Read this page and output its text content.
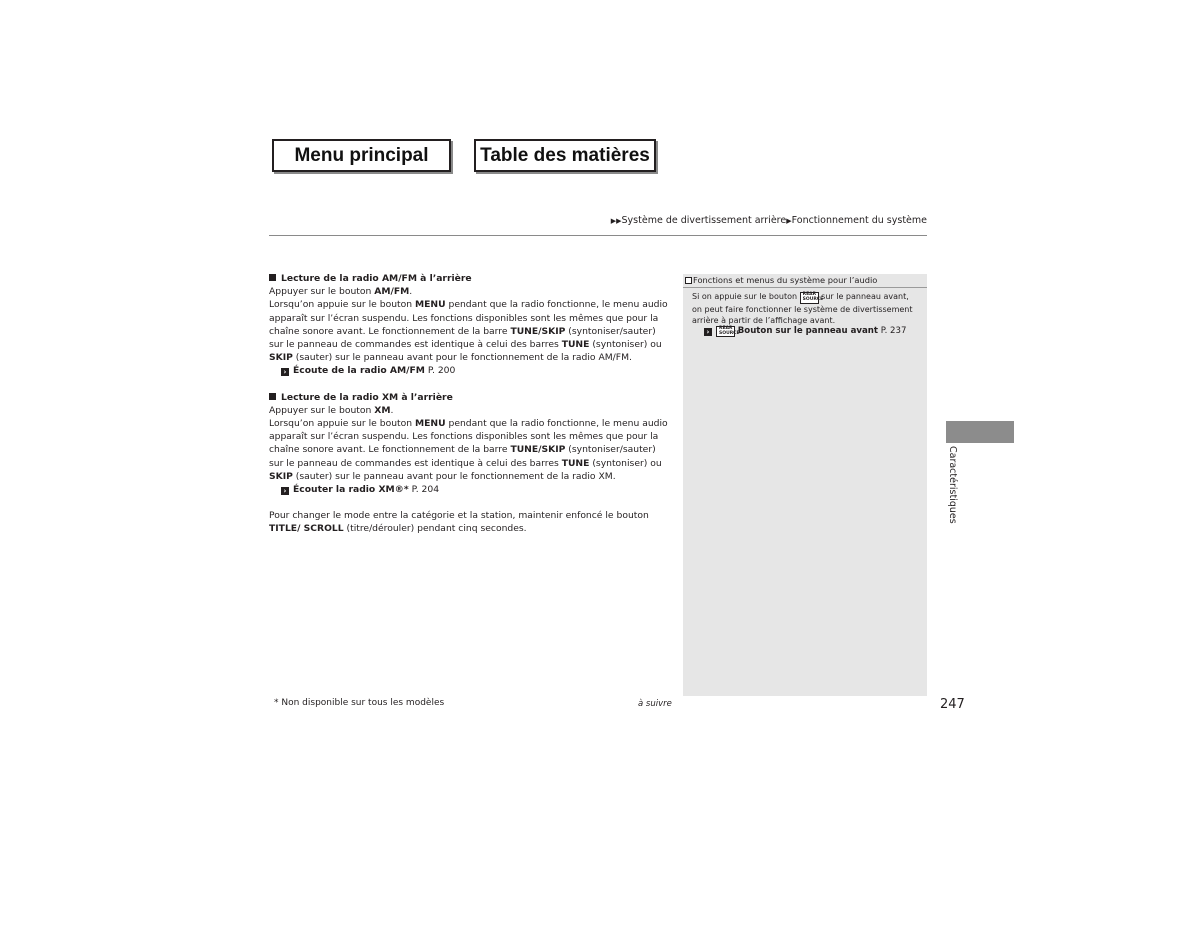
Menu principal	Table des matières
▶▶Système de divertissement arrière▶Fonctionnement du système

Lecture de la radio AM/FM à l’arrière

Appuyer sur le bouton AM/FM.

Lorsqu’on appuie sur le bouton MENU pendant que la radio fonctionne, le menu audio apparaît sur l’écran suspendu. Les fonctions disponibles sont les mêmes que pour la chaîne sonore avant. Le fonctionnement de la barre TUNE/SKIP (syntoniser/sauter) sur le panneau de commandes est identique à celui des barres TUNE (syntoniser) ou SKIP (sauter) sur le panneau avant pour le fonctionnement de la radio AM/FM.

› Écoute de la radio AM/FM P. 200

Lecture de la radio XM à l’arrière

Appuyer sur le bouton XM.

Lorsqu’on appuie sur le bouton MENU pendant que la radio fonctionne, le menu audio apparaît sur l’écran suspendu. Les fonctions disponibles sont les mêmes que pour la chaîne sonore avant. Le fonctionnement de la barre TUNE/SKIP (syntoniser/sauter) sur le panneau de commandes est identique à celui des barres TUNE (syntoniser) ou SKIP (sauter) sur le panneau avant pour le fonctionnement de la radio XM.

› Écouter la radio XM®* P. 204

Pour changer le mode entre la catégorie et la station, maintenir enfoncé le bouton TITLE/ SCROLL (titre/dérouler) pendant cinq secondes.

Fonctions et menus du système pour l’audio
Si on appuie sur le bouton REAR
SOURCE sur le panneau avant, on peut faire fonctionner le système de divertissement arrière à partir de l’affichage avant.
› REAR
SOURCE Bouton sur le panneau avant P. 237
Caractéristiques
* Non disponible sur tous les modèles	à suivre	247
